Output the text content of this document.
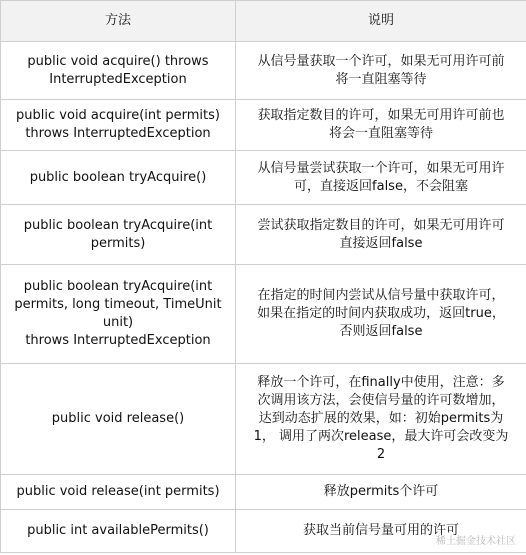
方法	说明

public void acquire() throws
InterruptedException	从信号量获取一个许可，如果无可用许可前
将一直阻塞等待

public void acquire(int permits)
throws InterruptedException	获取指定数目的许可，如果无可用许可前也
将会一直阻塞等待

public boolean tryAcquire()	从信号量尝试获取一个许可，如果无可用许
可，直接返回false，不会阻塞

public boolean tryAcquire(int
permits)	尝试获取指定数目的许可，如果无可用许可
直接返回false

public boolean tryAcquire(int
permits, long timeout, TimeUnit
unit)
throws InterruptedException	在指定的时间内尝试从信号量中获取许可，
如果在指定的时间内获取成功，返回true，
否则返回false

public void release()	释放一个许可，在finally中使用，注意：多
次调用该方法，会使信号量的许可数增加，
达到动态扩展的效果，如：初始permits为
1， 调用了两次release，最大许可会改变为
2

public void release(int permits)	释放permits个许可

public int availablePermits()	获取当前信号量可用的许可
稀土掘金技术社区
